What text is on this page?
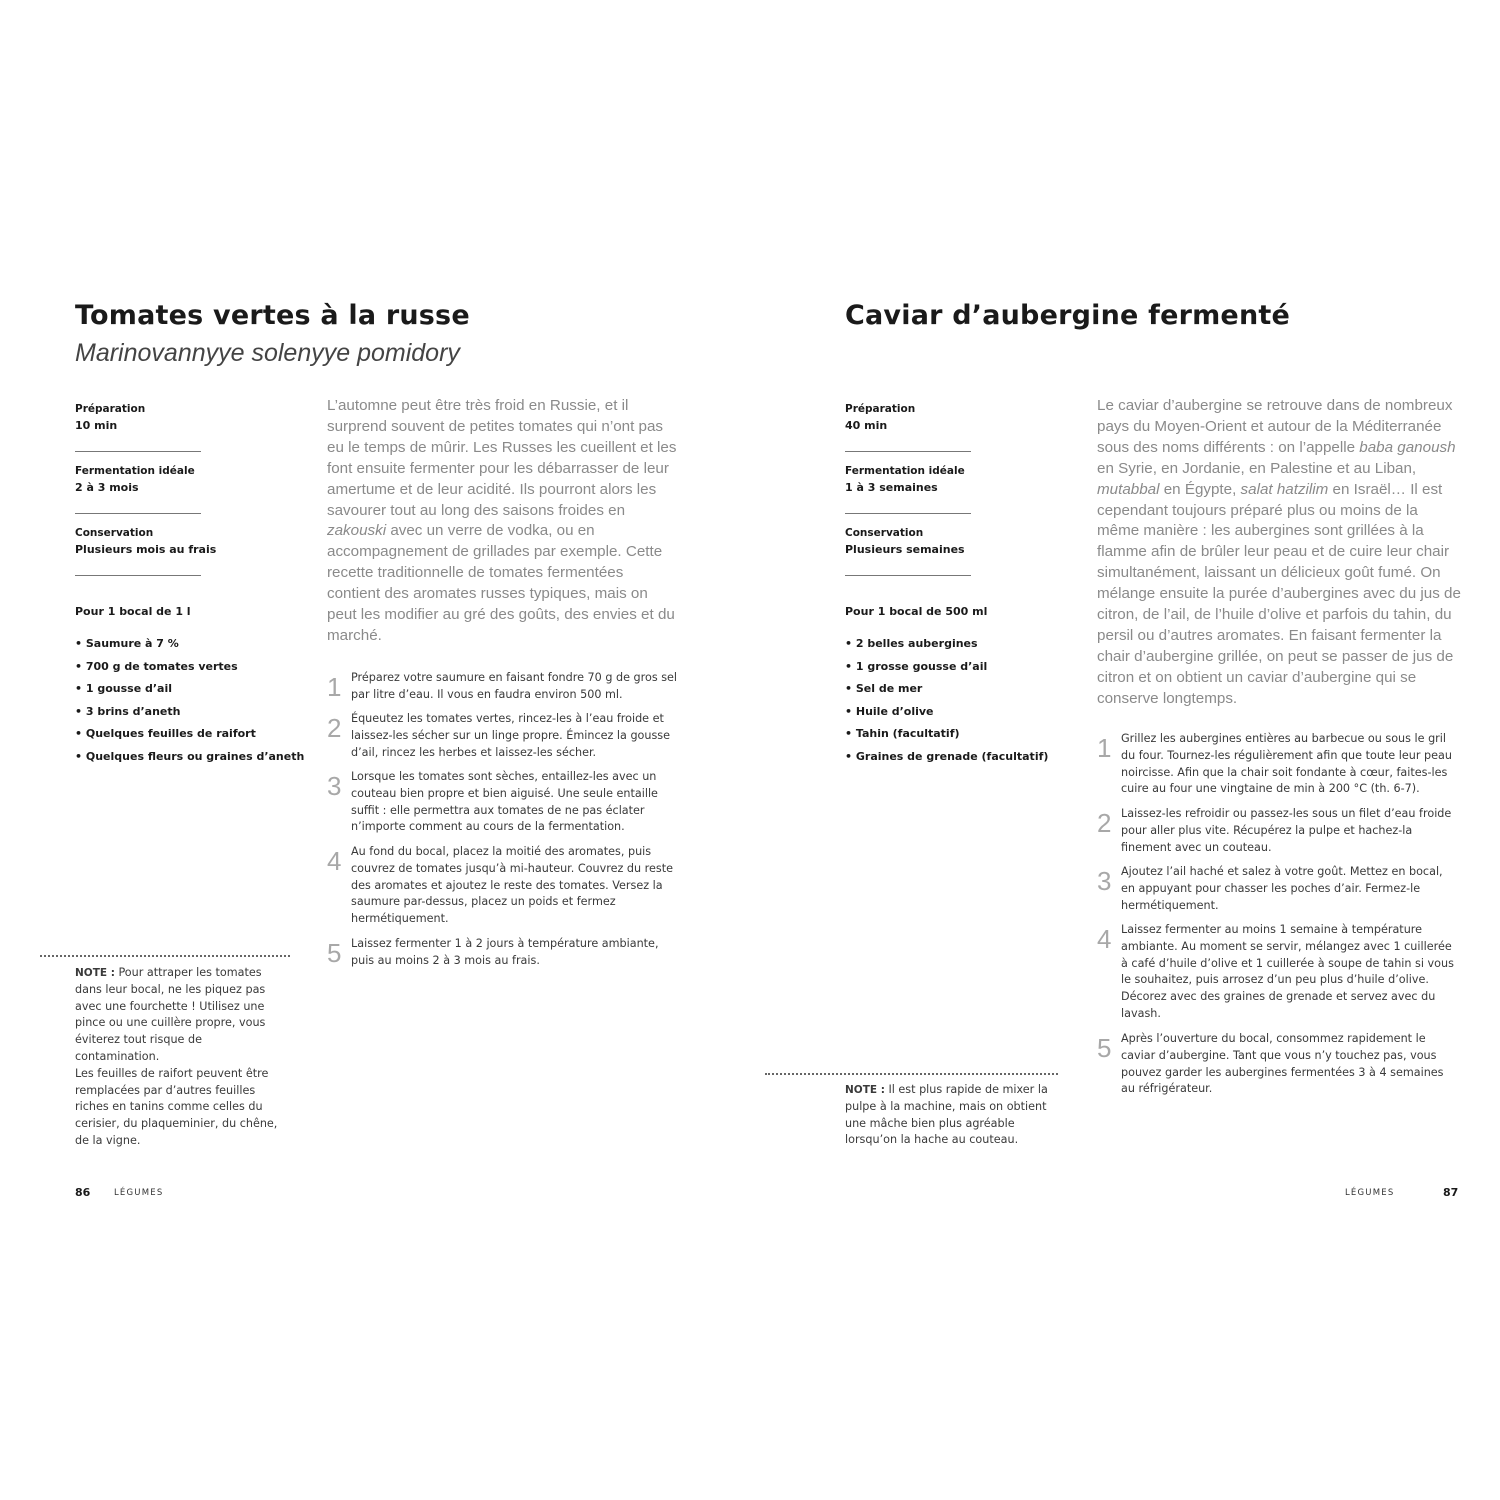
Tomates vertes à la russe
Marinovannyye solenyye pomidory
Préparation
10 min
Fermentation idéale
2 à 3 mois
Conservation
Plusieurs mois au frais
Pour 1 bocal de 1 l
• Saumure à 7 %
• 700 g de tomates vertes
• 1 gousse d’ail
• 3 brins d’aneth
• Quelques feuilles de raifort
• Quelques fleurs ou graines d’aneth

L’automne peut être très froid en Russie, et il surprend souvent de petites tomates qui n’ont pas eu le temps de mûrir. Les Russes les cueillent et les font ensuite fermenter pour les débarrasser de leur amertume et de leur acidité. Ils pourront alors les savourer tout au long des saisons froides en zakouski avec un verre de vodka, ou en accompagnement de grillades par exemple. Cette recette traditionnelle de tomates fermentées contient des aromates russes typiques, mais on peut les modifier au gré des goûts, des envies et du marché.

1 Préparez votre saumure en faisant fondre 70 g de gros sel par litre d’eau. Il vous en faudra environ 500 ml.
2 Équeutez les tomates vertes, rincez-les à l’eau froide et laissez-les sécher sur un linge propre. Émincez la gousse d’ail, rincez les herbes et laissez-les sécher.
3 Lorsque les tomates sont sèches, entaillez-les avec un couteau bien propre et bien aiguisé. Une seule entaille suffit : elle permettra aux tomates de ne pas éclater n’importe comment au cours de la fermentation.
4 Au fond du bocal, placez la moitié des aromates, puis couvrez de tomates jusqu’à mi-hauteur. Couvrez du reste des aromates et ajoutez le reste des tomates. Versez la saumure par-dessus, placez un poids et fermez hermétiquement.
5 Laissez fermenter 1 à 2 jours à température ambiante, puis au moins 2 à 3 mois au frais.
NOTE : Pour attraper les tomates dans leur bocal, ne les piquez pas avec une fourchette ! Utilisez une pince ou une cuillère propre, vous éviterez tout risque de contamination.
Les feuilles de raifort peuvent être remplacées par d’autres feuilles riches en tanins comme celles du cerisier, du plaqueminier, du chêne, de la vigne.
86	LÉGUMES
Caviar d’aubergine fermenté
Préparation
40 min
Fermentation idéale
1 à 3 semaines
Conservation
Plusieurs semaines
Pour 1 bocal de 500 ml
• 2 belles aubergines
• 1 grosse gousse d’ail
• Sel de mer
• Huile d’olive
• Tahin (facultatif)
• Graines de grenade (facultatif)

Le caviar d’aubergine se retrouve dans de nombreux pays du Moyen-Orient et autour de la Méditerranée sous des noms différents : on l’appelle baba ganoush en Syrie, en Jordanie, en Palestine et au Liban, mutabbal en Égypte, salat hatzilim en Israël… Il est cependant toujours préparé plus ou moins de la même manière : les aubergines sont grillées à la flamme afin de brûler leur peau et de cuire leur chair simultanément, laissant un délicieux goût fumé. On mélange ensuite la purée d’aubergines avec du jus de citron, de l’ail, de l’huile d’olive et parfois du tahin, du persil ou d’autres aromates. En faisant fermenter la chair d’aubergine grillée, on peut se passer de jus de citron et on obtient un caviar d’aubergine qui se conserve longtemps.

1 Grillez les aubergines entières au barbecue ou sous le gril du four. Tournez-les régulièrement afin que toute leur peau noircisse. Afin que la chair soit fondante à cœur, faites-les cuire au four une vingtaine de min à 200 °C (th. 6-7).
2 Laissez-les refroidir ou passez-les sous un filet d’eau froide pour aller plus vite. Récupérez la pulpe et hachez-la finement avec un couteau.
3 Ajoutez l’ail haché et salez à votre goût. Mettez en bocal, en appuyant pour chasser les poches d’air. Fermez-le hermétiquement.
4 Laissez fermenter au moins 1 semaine à température ambiante. Au moment se servir, mélangez avec 1 cuillerée à café d’huile d’olive et 1 cuillerée à soupe de tahin si vous le souhaitez, puis arrosez d’un peu plus d’huile d’olive. Décorez avec des graines de grenade et servez avec du lavash.
5 Après l’ouverture du bocal, consommez rapidement le caviar d’aubergine. Tant que vous n’y touchez pas, vous pouvez garder les aubergines fermentées 3 à 4 semaines au réfrigérateur.
NOTE : Il est plus rapide de mixer la pulpe à la machine, mais on obtient une mâche bien plus agréable lorsqu’on la hache au couteau.
LÉGUMES	87
